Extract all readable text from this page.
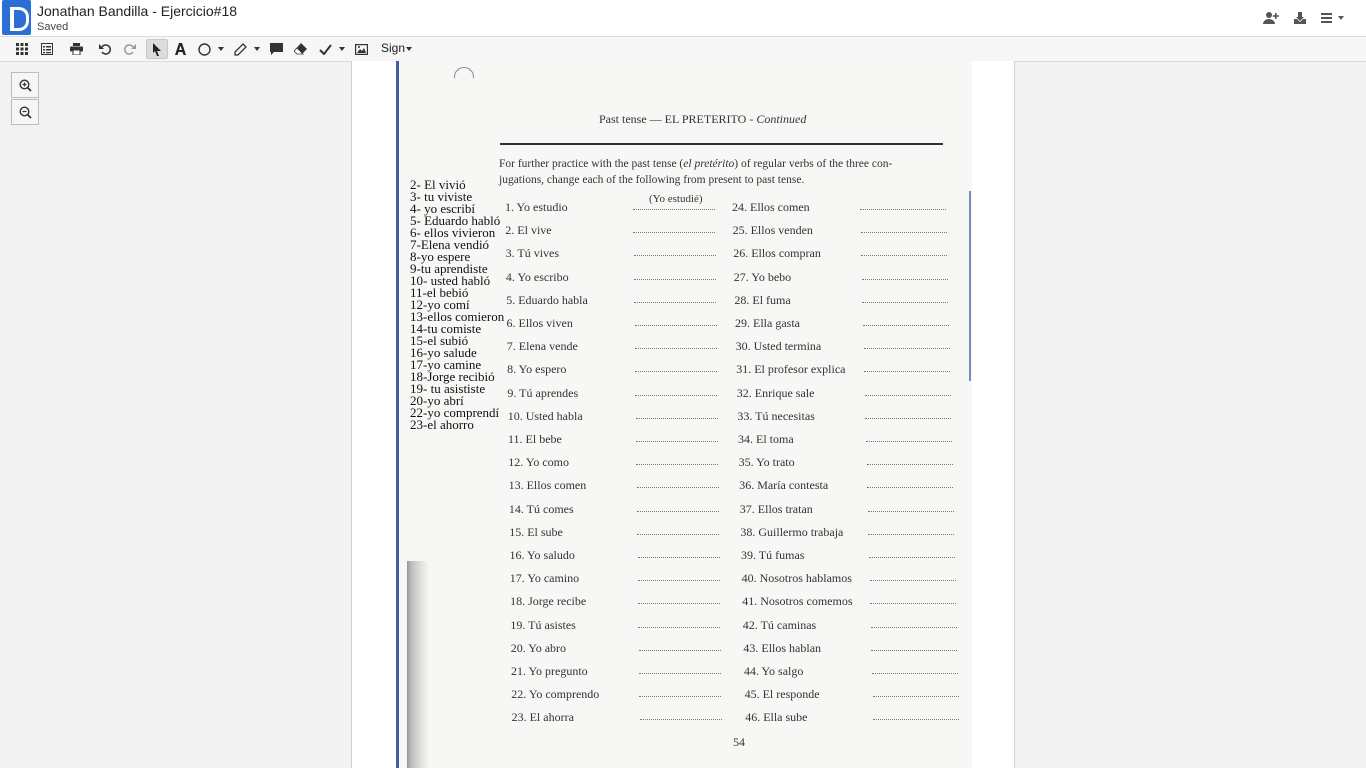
Jonathan Bandilla - Ejercicio#18
Saved
Sign
Past tense — EL PRETERITO - Continued

For further practice with the past tense (el pretérito) of regular verbs of the three con-

jugations, change each of the following from present to past tense.

(Yo estudié)
1. Yo estudio
2. El vive
3. Tú vives
4. Yo escribo
5. Eduardo habla
6. Ellos viven
7. Elena vende
8. Yo espero
9. Tú aprendes
10. Usted habla
11. El bebe
12. Yo como
13. Ellos comen
14. Tú comes
15. El sube
16. Yo saludo
17. Yo camino
18. Jorge recibe
19. Tú asistes
20. Yo abro
21. Yo pregunto
22. Yo comprendo
23. El ahorra
24. Ellos comen
25. Ellos venden
26. Ellos compran
27. Yo bebo
28. El fuma
29. Ella gasta
30. Usted termina
31. El profesor explica
32. Enrique sale
33. Tú necesitas
34. El toma
35. Yo trato
36. María contesta
37. Ellos tratan
38. Guillermo trabaja
39. Tú fumas
40. Nosotros hablamos
41. Nosotros comemos
42. Tú caminas
43. Ellos hablan
44. Yo salgo
45. El responde
46. Ella sube
54
2- El vivió
3- tu viviste
4- yo escribí
5- Eduardo habló
6- ellos vivieron
7-Elena vendió
8-yo espere
9-tu aprendiste
10- usted habló
11-el bebió
12-yo comí
13-ellos comieron
14-tu comiste
15-el subió
16-yo salude
17-yo camine
18-Jorge recibió
19- tu asististe
20-yo abrí
22-yo comprendí
23-el ahorro
